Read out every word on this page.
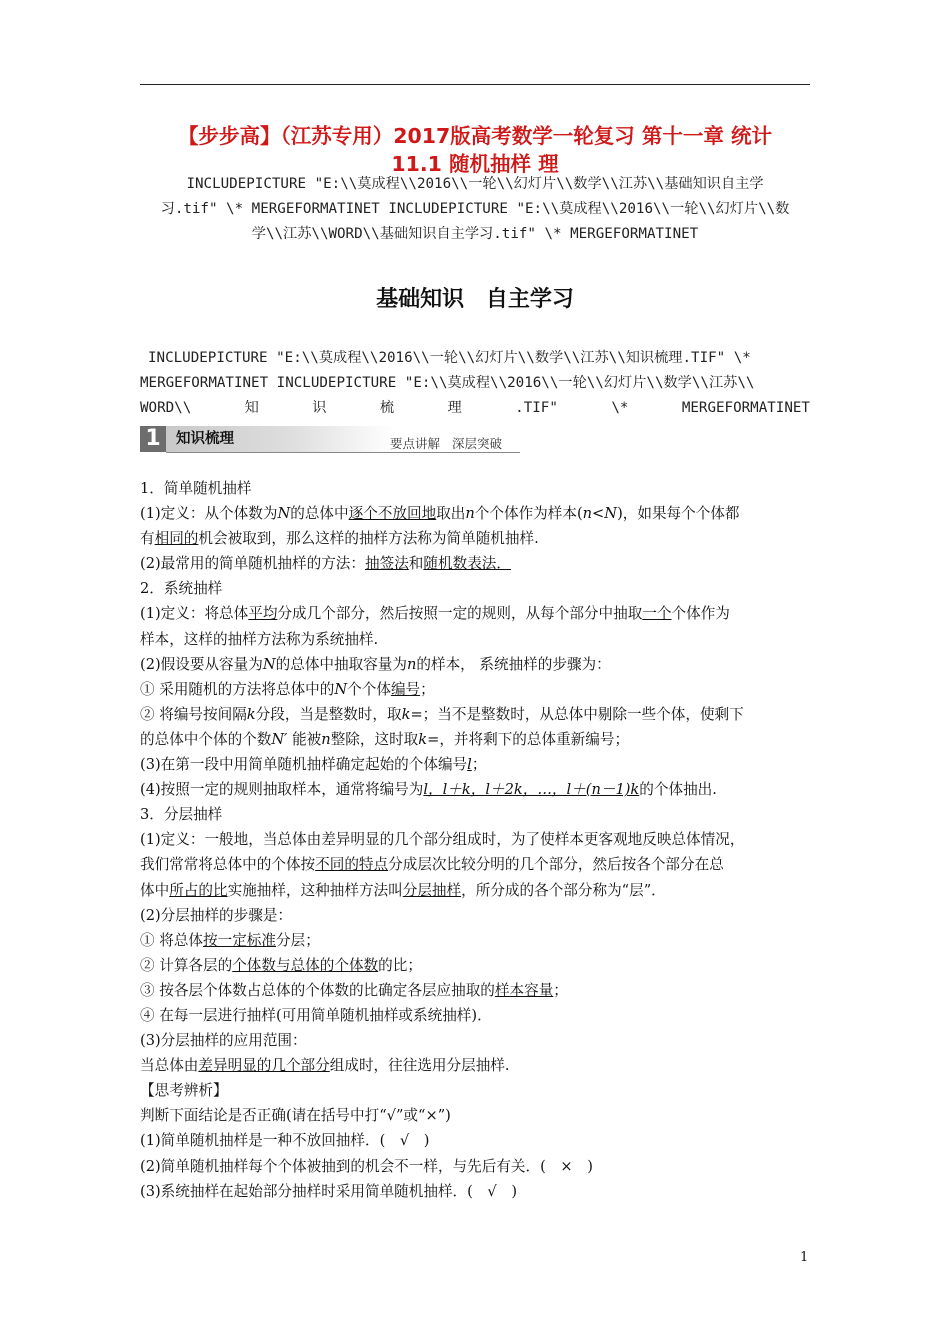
【步步高】（江苏专用）2017版高考数学一轮复习 第十一章 统计
11.1 随机抽样 理
INCLUDEPICTURE "E:\\莫成程\\2016\\一轮\\幻灯片\\数学\\江苏\\基础知识自主学
习.tif" \* MERGEFORMATINET INCLUDEPICTURE "E:\\莫成程\\2016\\一轮\\幻灯片\\数
学\\江苏\\WORD\\基础知识自主学习.tif" \* MERGEFORMATINET
基础知识 自主学习
INCLUDEPICTURE "E:\\莫成程\\2016\\一轮\\幻灯片\\数学\\江苏\\知识梳理.TIF" \*
MERGEFORMATINET INCLUDEPICTURE "E:\\莫成程\\2016\\一轮\\幻灯片\\数学\\江苏\\
WORD\\	知	识	梳	理	.TIF"	\*	MERGEFORMATINET
1	知识梳理	要点讲解 深层突破

1．简单随机抽样

(1)定义：从个体数为N的总体中逐个不放回地取出n个个体作为样本(n<N)，如果每个个体都

有相同的机会被取到，那么这样的抽样方法称为简单随机抽样.

(2)最常用的简单随机抽样的方法：抽签法和随机数表法．

2．系统抽样

(1)定义：将总体平均分成几个部分，然后按照一定的规则，从每个部分中抽取一个个体作为

样本，这样的抽样方法称为系统抽样.

(2)假设要从容量为N的总体中抽取容量为n的样本， 系统抽样的步骤为：

① 采用随机的方法将总体中的N个个体编号；

② 将编号按间隔k分段，当是整数时，取k=；当不是整数时，从总体中剔除一些个体，使剩下

的总体中个体的个数N′ 能被n整除，这时取k=，并将剩下的总体重新编号；

(3)在第一段中用简单随机抽样确定起始的个体编号l；

(4)按照一定的规则抽取样本，通常将编号为l，l＋k，l＋2k，…，l＋(n－1)k的个体抽出.

3．分层抽样

(1)定义：一般地，当总体由差异明显的几个部分组成时，为了使样本更客观地反映总体情况，

我们常常将总体中的个体按不同的特点分成层次比较分明的几个部分，然后按各个部分在总

体中所占的比实施抽样，这种抽样方法叫分层抽样，所分成的各个部分称为“层”．

(2)分层抽样的步骤是：

① 将总体按一定标准分层；

② 计算各层的个体数与总体的个体数的比；

③ 按各层个体数占总体的个体数的比确定各层应抽取的样本容量；

④ 在每一层进行抽样(可用简单随机抽样或系统抽样)．

(3)分层抽样的应用范围：

当总体由差异明显的几个部分组成时，往往选用分层抽样.

【思考辨析】

判断下面结论是否正确(请在括号中打“√”或“×”)

(1)简单随机抽样是一种不放回抽样．(　√　)

(2)简单随机抽样每个个体被抽到的机会不一样，与先后有关．(　×　)

(3)系统抽样在起始部分抽样时采用简单随机抽样．(　√　)

1
